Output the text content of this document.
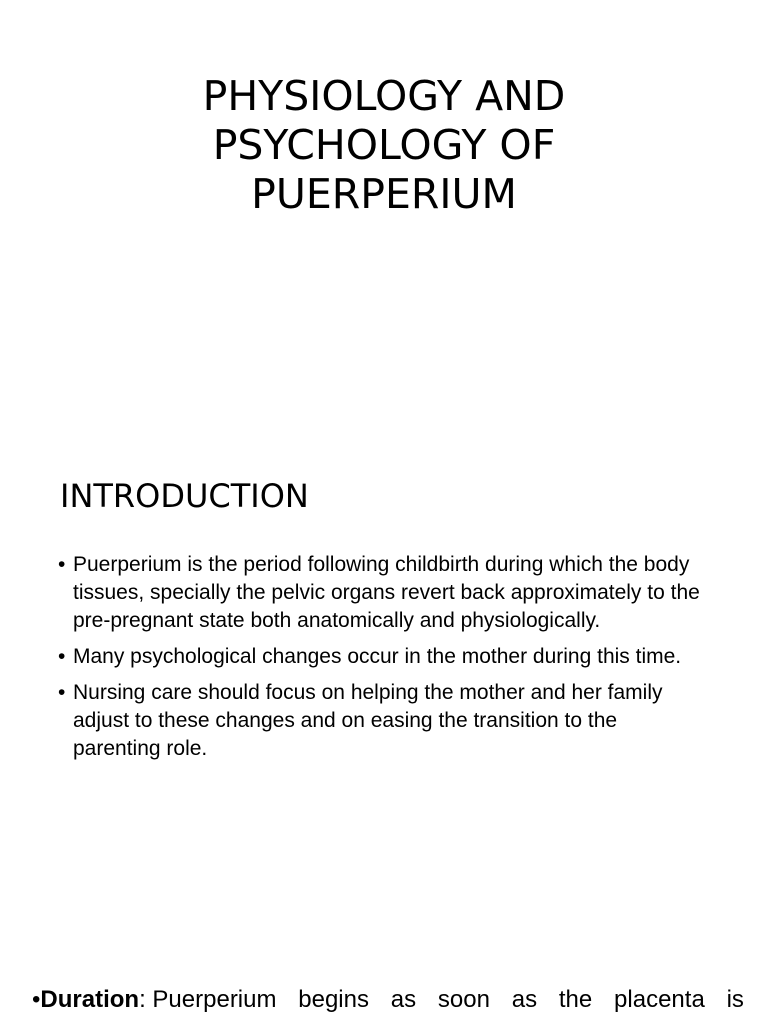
PHYSIOLOGY AND
PSYCHOLOGY OF
PUERPERIUM
INTRODUCTION
• Puerperium is the period following childbirth during which the body tissues, specially the pelvic organs revert back approximately to the pre-pregnant state both anatomically and physiologically.
• Many psychological changes occur in the mother during this time.
• Nursing care should focus on helping the mother and her family adjust to these changes and on easing the transition to the parenting role.
•Duration: Puerperium begins as soon as the placenta is
